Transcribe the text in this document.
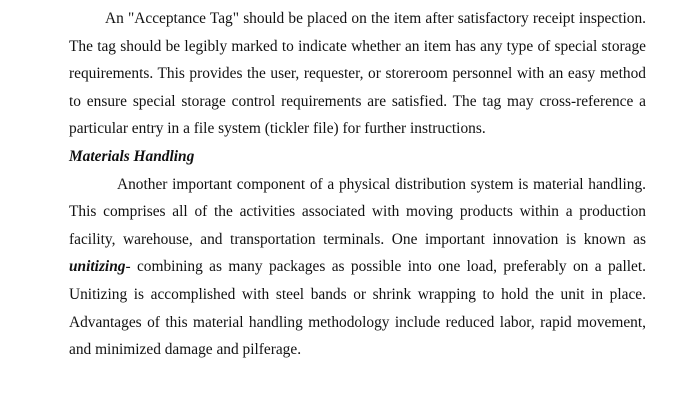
An "Acceptance Tag" should be placed on the item after satisfactory receipt inspection. The tag should be legibly marked to indicate whether an item has any type of special storage requirements. This provides the user, requester, or storeroom personnel with an easy method to ensure special storage control requirements are satisfied. The tag may cross-reference a particular entry in a file system (tickler file) for further instructions.

Materials Handling

Another important component of a physical distribution system is material handling. This comprises all of the activities associated with moving products within a production facility, warehouse, and transportation terminals. One important innovation is known as unitizing- combining as many packages as possible into one load, preferably on a pallet. Unitizing is accomplished with steel bands or shrink wrapping to hold the unit in place. Advantages of this material handling methodology include reduced labor, rapid movement, and minimized damage and pilferage.
